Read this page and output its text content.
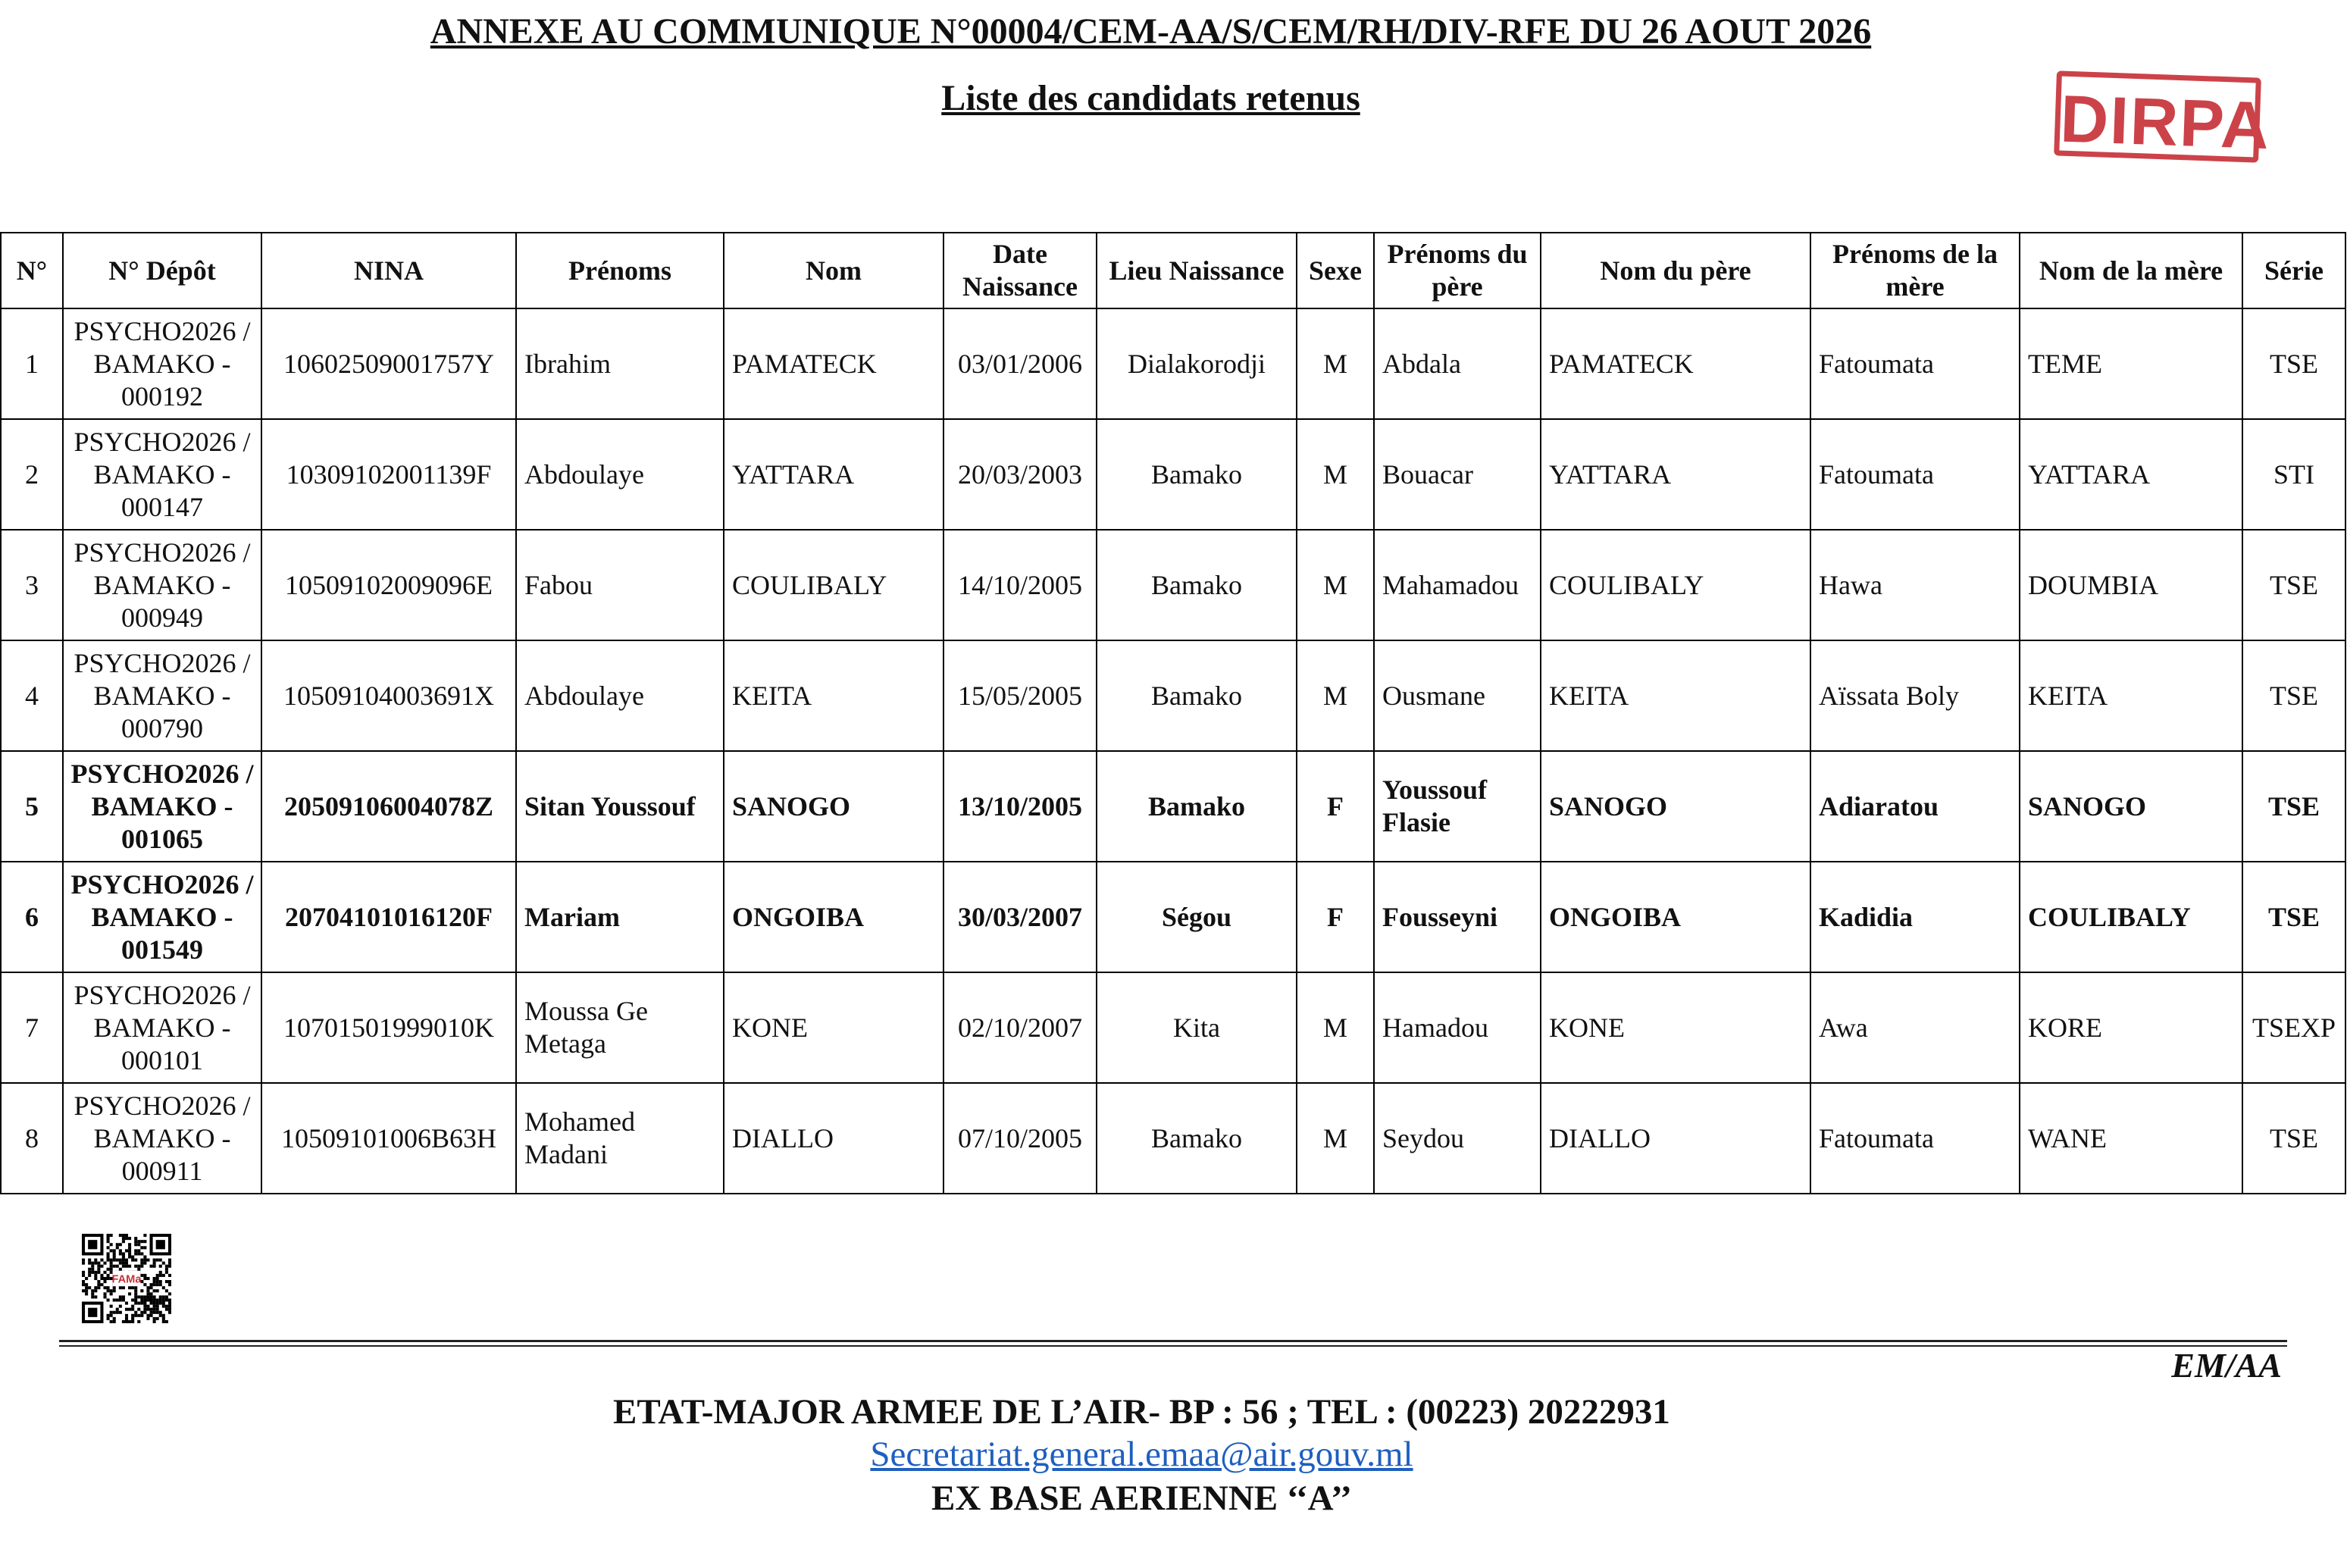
ANNEXE AU COMMUNIQUE N°00004/CEM-AA/S/CEM/RH/DIV-RFE DU 26 AOUT 2026
Liste des candidats retenus	DIRPA
N°	N° Dépôt	NINA	Prénoms	Nom	Date Naissance	Lieu Naissance	Sexe	Prénoms du père	Nom du père	Prénoms de la mère	Nom de la mère	Série
1	PSYCHO2026 / BAMAKO - 000192	10602509001757Y	Ibrahim	PAMATECK	03/01/2006	Dialakorodji	M	Abdala	PAMATECK	Fatoumata	TEME	TSE
2	PSYCHO2026 / BAMAKO - 000147	10309102001139F	Abdoulaye	YATTARA	20/03/2003	Bamako	M	Bouacar	YATTARA	Fatoumata	YATTARA	STI
3	PSYCHO2026 / BAMAKO - 000949	10509102009096E	Fabou	COULIBALY	14/10/2005	Bamako	M	Mahamadou	COULIBALY	Hawa	DOUMBIA	TSE
4	PSYCHO2026 / BAMAKO - 000790	10509104003691X	Abdoulaye	KEITA	15/05/2005	Bamako	M	Ousmane	KEITA	Aïssata Boly	KEITA	TSE
5	PSYCHO2026 / BAMAKO - 001065	20509106004078Z	Sitan Youssouf	SANOGO	13/10/2005	Bamako	F	Youssouf Flasie	SANOGO	Adiaratou	SANOGO	TSE
6	PSYCHO2026 / BAMAKO - 001549	20704101016120F	Mariam	ONGOIBA	30/03/2007	Ségou	F	Fousseyni	ONGOIBA	Kadidia	COULIBALY	TSE
7	PSYCHO2026 / BAMAKO - 000101	10701501999010K	Moussa Ge Metaga	KONE	02/10/2007	Kita	M	Hamadou	KONE	Awa	KORE	TSEXP
8	PSYCHO2026 / BAMAKO - 000911	10509101006B63H	Mohamed Madani	DIALLO	07/10/2005	Bamako	M	Seydou	DIALLO	Fatoumata	WANE	TSE
FAMa
EM/AA
ETAT-MAJOR ARMEE DE L’AIR- BP : 56 ; TEL : (00223) 20222931
Secretariat.general.emaa@air.gouv.ml
EX BASE AERIENNE ‘‘A’’
